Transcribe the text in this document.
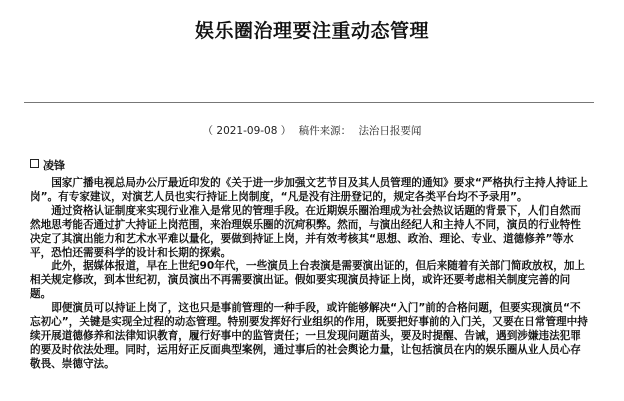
娱乐圈治理要注重动态管理
（ 2021-09-08 ） 稿件来源： 法治日报要闻
凌锋

国家广播电视总局办公厅最近印发的《关于进一步加强文艺节目及其人员管理的通知》要求“严格执行主持人持证上岗”。有专家建议，对演艺人员也实行持证上岗制度，“凡是没有注册登记的，规定各类平台均不予录用”。

通过资格认证制度来实现行业准入是常见的管理手段。在近期娱乐圈治理成为社会热议话题的背景下，人们自然而然地思考能否通过扩大持证上岗范围，来治理娱乐圈的沉疴积弊。然而，与演出经纪人和主持人不同，演员的行业特性决定了其演出能力和艺术水平难以量化，要做到持证上岗，并有效考核其“思想、政治、理论、专业、道德修养”等水平，恐怕还需要科学的设计和长期的探索。

此外，据媒体报道，早在上世纪90年代，一些演员上台表演是需要演出证的，但后来随着有关部门简政放权，加上相关规定修改，到本世纪初，演员演出不再需要演出证。假如要实现演员持证上岗，或许还要考虑相关制度完善的问题。

即便演员可以持证上岗了，这也只是事前管理的一种手段，或许能够解决“入门”前的合格问题，但要实现演员“不忘初心”，关键是实现全过程的动态管理。特别要发挥好行业组织的作用，既要把好事前的入门关，又要在日常管理中持续开展道德修养和法律知识教育，履行好事中的监管责任；一旦发现问题苗头，要及时提醒、告诫，遇到涉嫌违法犯罪的要及时依法处理。同时，运用好正反面典型案例，通过事后的社会舆论力量，让包括演员在内的娱乐圈从业人员心存敬畏、崇德守法。
